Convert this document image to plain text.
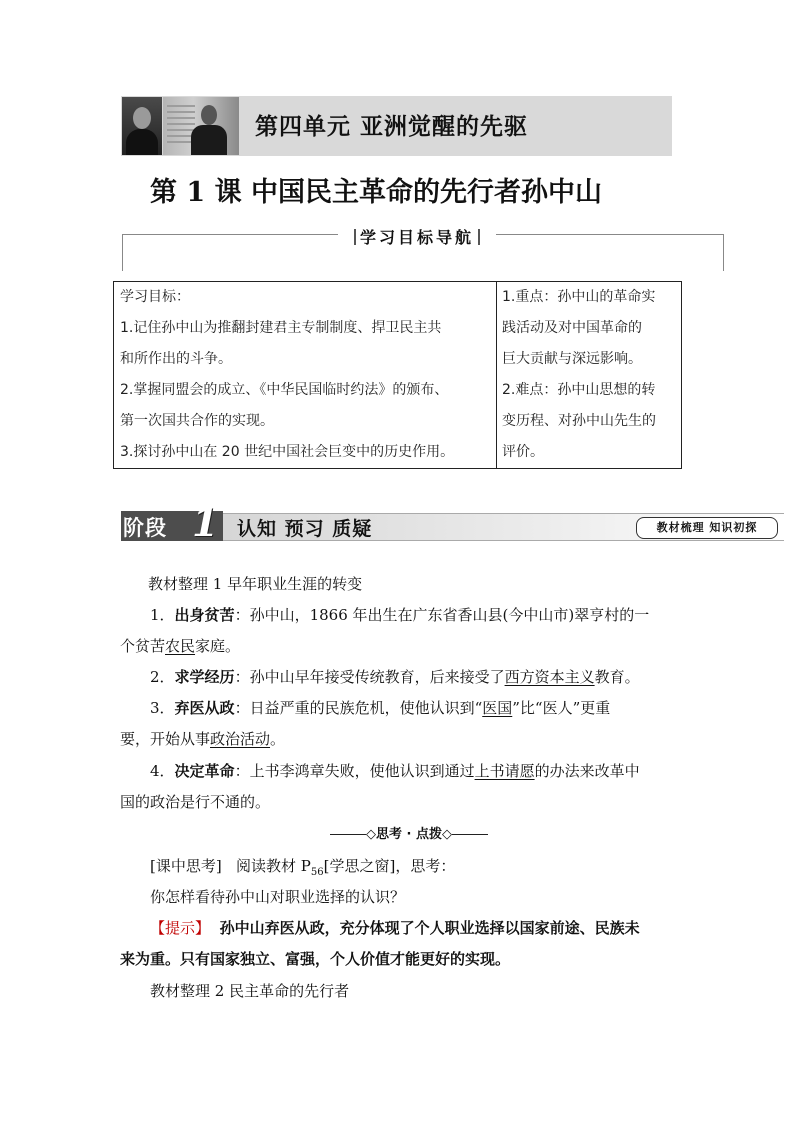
第四单元 亚洲觉醒的先驱
第 1 课 中国民主革命的先行者孙中山
学习目标导航

学习目标：

1.记住孙中山为推翻封建君主专制制度、捍卫民主共

和所作出的斗争。

2.掌握同盟会的成立、《中华民国临时约法》的颁布、

第一次国共合作的实现。

3.探讨孙中山在 20 世纪中国社会巨变中的历史作用。

1.重点：孙中山的革命实

践活动及对中国革命的

巨大贡献与深远影响。

2.难点：孙中山思想的转

变历程、对孙中山先生的

评价。

阶段 1 认知 预习 质疑	教材梳理 知识初探
教材整理 1 早年职业生涯的转变
1．出身贫苦：孙中山，1866 年出生在广东省香山县(今中山市)翠亨村的一
个贫苦农民家庭。
2．求学经历：孙中山早年接受传统教育，后来接受了西方资本主义教育。
3．弃医从政：日益严重的民族危机，使他认识到“医国”比“医人”更重
要，开始从事政治活动。
4．决定革命：上书李鸿章失败，使他认识到通过上书请愿的办法来改革中
国的政治是行不通的。
◇思考 · 点拨◇
[课中思考] 阅读教材 $P_{56}$[学思之窗]，思考：
你怎样看待孙中山对职业选择的认识？
【提示】 孙中山弃医从政，充分体现了个人职业选择以国家前途、民族未
来为重。只有国家独立、富强，个人价值才能更好的实现。
教材整理 2 民主革命的先行者
